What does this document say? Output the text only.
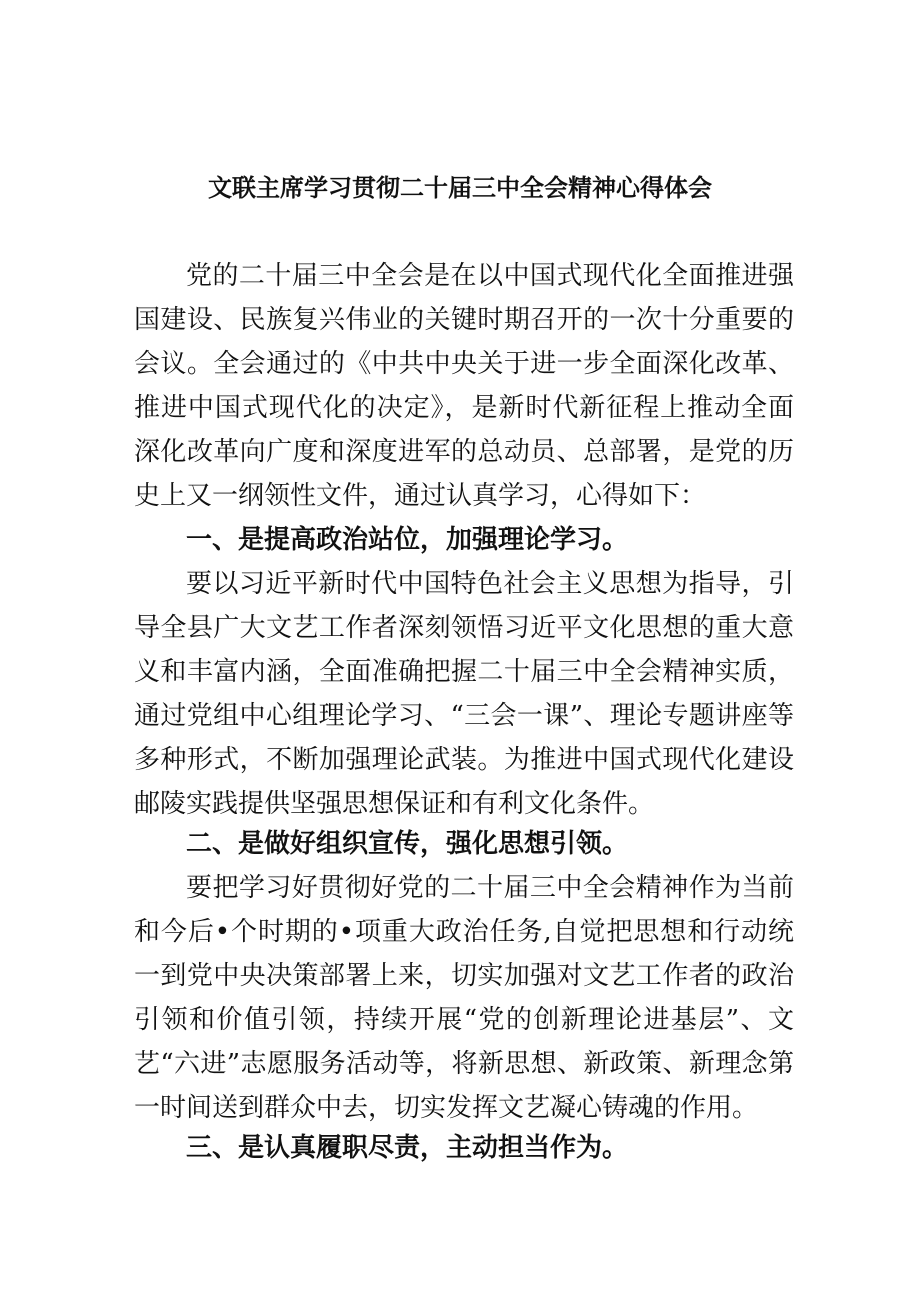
文联主席学习贯彻二十届三中全会精神心得体会

党的二十届三中全会是在以中国式现代化全面推进强国建设、民族复兴伟业的关键时期召开的一次十分重要的会议。全会通过的《中共中央关于进一步全面深化改革、推进中国式现代化的决定》，是新时代新征程上推动全面深化改革向广度和深度进军的总动员、总部署，是党的历史上又一纲领性文件，通过认真学习，心得如下：

一、是提高政治站位，加强理论学习。

要以习近平新时代中国特色社会主义思想为指导，引导全县广大文艺工作者深刻领悟习近平文化思想的重大意义和丰富内涵，全面准确把握二十届三中全会精神实质，通过党组中心组理论学习、“三会一课”、理论专题讲座等多种形式，不断加强理论武装。为推进中国式现代化建设邮陵实践提供坚强思想保证和有利文化条件。

二、是做好组织宣传，强化思想引领。

要把学习好贯彻好党的二十届三中全会精神作为当前和今后•个时期的•项重大政治任务,自觉把思想和行动统一到党中央决策部署上来，切实加强对文艺工作者的政治引领和价值引领，持续开展“党的创新理论进基层”、文艺“六进”志愿服务活动等，将新思想、新政策、新理念第一时间送到群众中去，切实发挥文艺凝心铸魂的作用。

三、是认真履职尽责，主动担当作为。
